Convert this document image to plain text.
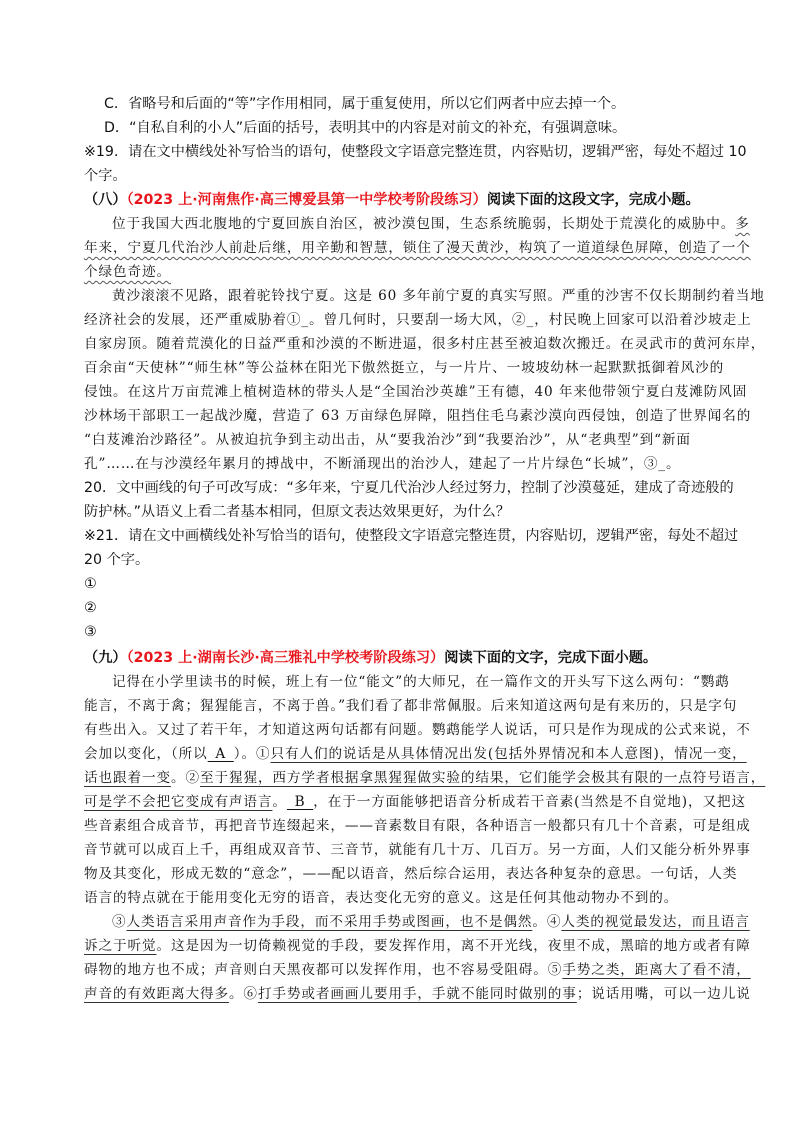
C．省略号和后面的“等”字作用相同，属于重复使用，所以它们两者中应去掉一个。
D．“自私自利的小人”后面的括号，表明其中的内容是对前文的补充，有强调意味。
※19．请在文中横线处补写恰当的语句，使整段文字语意完整连贯，内容贴切，逻辑严密，每处不超过 10
个字。
（八）（2023 上·河南焦作·高三博爱县第一中学校考阶段练习）阅读下面的这段文字，完成小题。
位于我国大西北腹地的宁夏回族自治区，被沙漠包围，生态系统脆弱，长期处于荒漠化的威胁中。多
年来，宁夏几代治沙人前赴后继，用辛勤和智慧，锁住了漫天黄沙，构筑了一道道绿色屏障，创造了一个
个绿色奇迹。
黄沙滚滚不见路，跟着驼铃找宁夏。这是 60 多年前宁夏的真实写照。严重的沙害不仅长期制约着当地
经济社会的发展，还严重威胁着①_。曾几何时，只要刮一场大风，②_，村民晚上回家可以沿着沙坡走上
自家房顶。随着荒漠化的日益严重和沙漠的不断进逼，很多村庄甚至被迫数次搬迁。在灵武市的黄河东岸，
百余亩“天使林”“师生林”等公益林在阳光下傲然挺立，与一片片、一坡坡幼林一起默默抵御着风沙的
侵蚀。在这片万亩荒滩上植树造林的带头人是“全国治沙英雄”王有德，40 年来他带领宁夏白芨滩防风固
沙林场干部职工一起战沙魔，营造了 63 万亩绿色屏障，阻挡住毛乌素沙漠向西侵蚀，创造了世界闻名的
“白芨滩治沙路径”。从被迫抗争到主动出击，从“要我治沙”到“我要治沙”，从“老典型”到“新面
孔”……在与沙漠经年累月的搏战中，不断涌现出的治沙人，建起了一片片绿色“长城”，③_。
20．文中画线的句子可改写成：“多年来，宁夏几代治沙人经过努力，控制了沙漠蔓延，建成了奇迹般的
防护林。”从语义上看二者基本相同，但原文表达效果更好，为什么？
※21．请在文中画横线处补写恰当的语句，使整段文字语意完整连贯，内容贴切，逻辑严密，每处不超过
20 个字。
①
②
③
（九）（2023 上·湖南长沙·高三雅礼中学校考阶段练习）阅读下面的文字，完成下面小题。
记得在小学里读书的时候，班上有一位“能文”的大师兄，在一篇作文的开头写下这么两句：“鹦鹉
能言，不离于禽；猩猩能言，不离于兽。”我们看了都非常佩服。后来知道这两句是有来历的，只是字句
有些出入。又过了若干年，才知道这两句话都有问题。鹦鹉能学人说话，可只是作为现成的公式来说，不
会加以变化，（所以 A ）。①只有人们的说话是从具体情况出发(包括外界情况和本人意图)，情况一变，
话也跟着一变。②至于猩猩，西方学者根据拿黑猩猩做实验的结果，它们能学会极其有限的一点符号语言，
可是学不会把它变成有声语言。 B ，在于一方面能够把语音分析成若干音素(当然是不自觉地)，又把这
些音素组合成音节，再把音节连缀起来，——音素数目有限，各种语言一般都只有几十个音素，可是组成
音节就可以成百上千，再组成双音节、三音节，就能有几十万、几百万。另一方面，人们又能分析外界事
物及其变化，形成无数的“意念”，——配以语音，然后综合运用，表达各种复杂的意思。一句话，人类
语言的特点就在于能用变化无穷的语音，表达变化无穷的意义。这是任何其他动物办不到的。
③人类语言采用声音作为手段，而不采用手势或图画，也不是偶然。④人类的视觉最发达，而且语言
诉之于听觉。这是因为一切倚赖视觉的手段，要发挥作用，离不开光线，夜里不成，黑暗的地方或者有障
碍物的地方也不成；声音则白天黑夜都可以发挥作用，也不容易受阻碍。⑤手势之类，距离大了看不清，
声音的有效距离大得多。⑥打手势或者画画儿要用手，手就不能同时做别的事；说话用嘴，可以一边儿说
